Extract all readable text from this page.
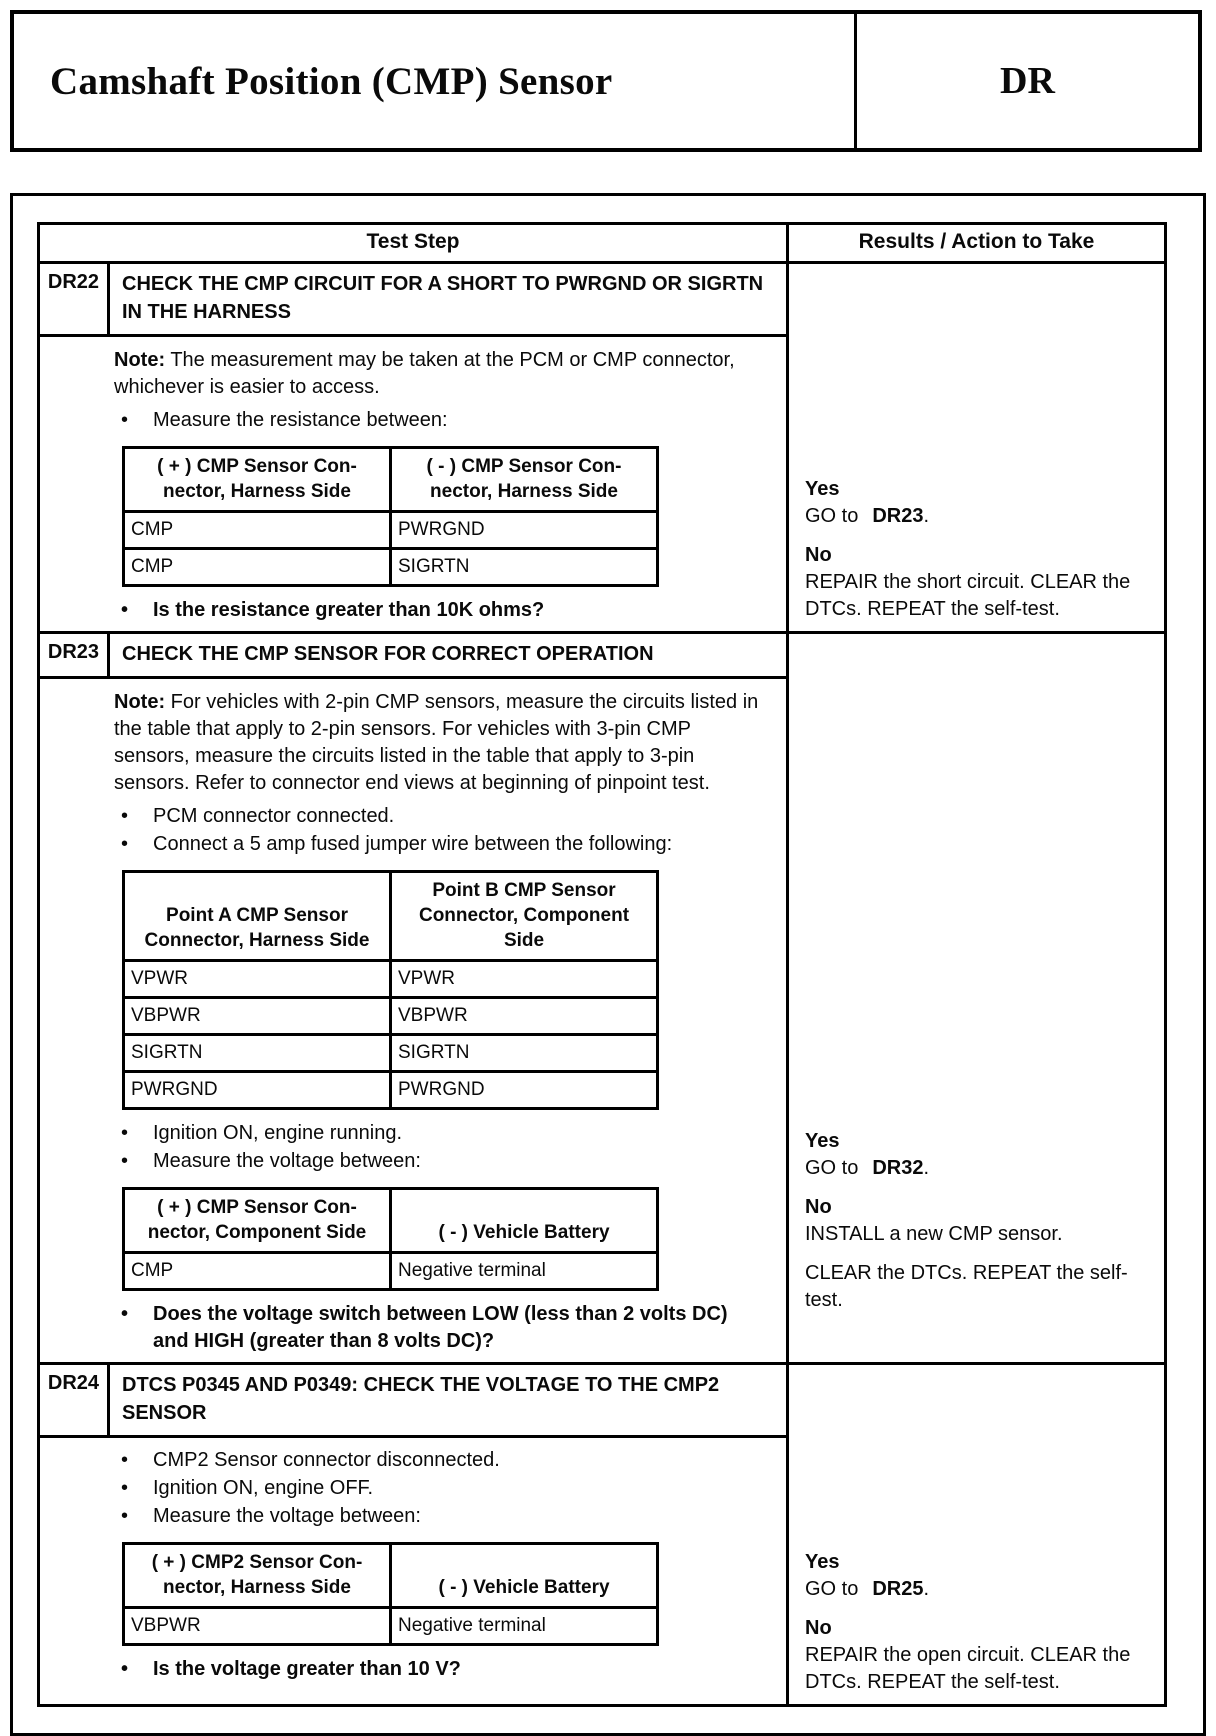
Camshaft Position (CMP) Sensor	DR
Test Step	Results / Action to Take
DR22	CHECK THE CMP CIRCUIT FOR A SHORT TO PWRGND OR SIGRTN IN THE HARNESS

Note: The measurement may be taken at the PCM or CMP connector, whichever is easier to access.

•	Measure the resistance between:
( + ) CMP Sensor Con-nector, Harness Side	( - ) CMP Sensor Con-nector, Harness Side
CMP	PWRGND
CMP	SIGRTN
•	Is the resistance greater than 10K ohms?

Yes

GO to DR23.

No

REPAIR the short circuit. CLEAR the DTCs. REPEAT the self-test.

DR23	CHECK THE CMP SENSOR FOR CORRECT OPERATION

Note: For vehicles with 2-pin CMP sensors, measure the circuits listed in the table that apply to 2-pin sensors. For vehicles with 3-pin CMP sensors, measure the circuits listed in the table that apply to 3-pin sensors. Refer to connector end views at beginning of pinpoint test.

•	PCM connector connected.
•	Connect a 5 amp fused jumper wire between the following:
Point A CMP Sensor Connector, Harness Side	Point B CMP Sensor Connector, Component Side
VPWR	VPWR
VBPWR	VBPWR
SIGRTN	SIGRTN
PWRGND	PWRGND
•	Ignition ON, engine running.
•	Measure the voltage between:
( + ) CMP Sensor Con-nector, Component Side	( - ) Vehicle Battery
CMP	Negative terminal
•	Does the voltage switch between LOW (less than 2 volts DC) and HIGH (greater than 8 volts DC)?

Yes

GO to DR32.

No

INSTALL a new CMP sensor.

CLEAR the DTCs. REPEAT the self-test.

DR24	DTCS P0345 AND P0349: CHECK THE VOLTAGE TO THE CMP2 SENSOR
•	CMP2 Sensor connector disconnected.
•	Ignition ON, engine OFF.
•	Measure the voltage between:
( + ) CMP2 Sensor Con-nector, Harness Side	( - ) Vehicle Battery
VBPWR	Negative terminal
•	Is the voltage greater than 10 V?

Yes

GO to DR25.

No

REPAIR the open circuit. CLEAR the DTCs. REPEAT the self-test.
